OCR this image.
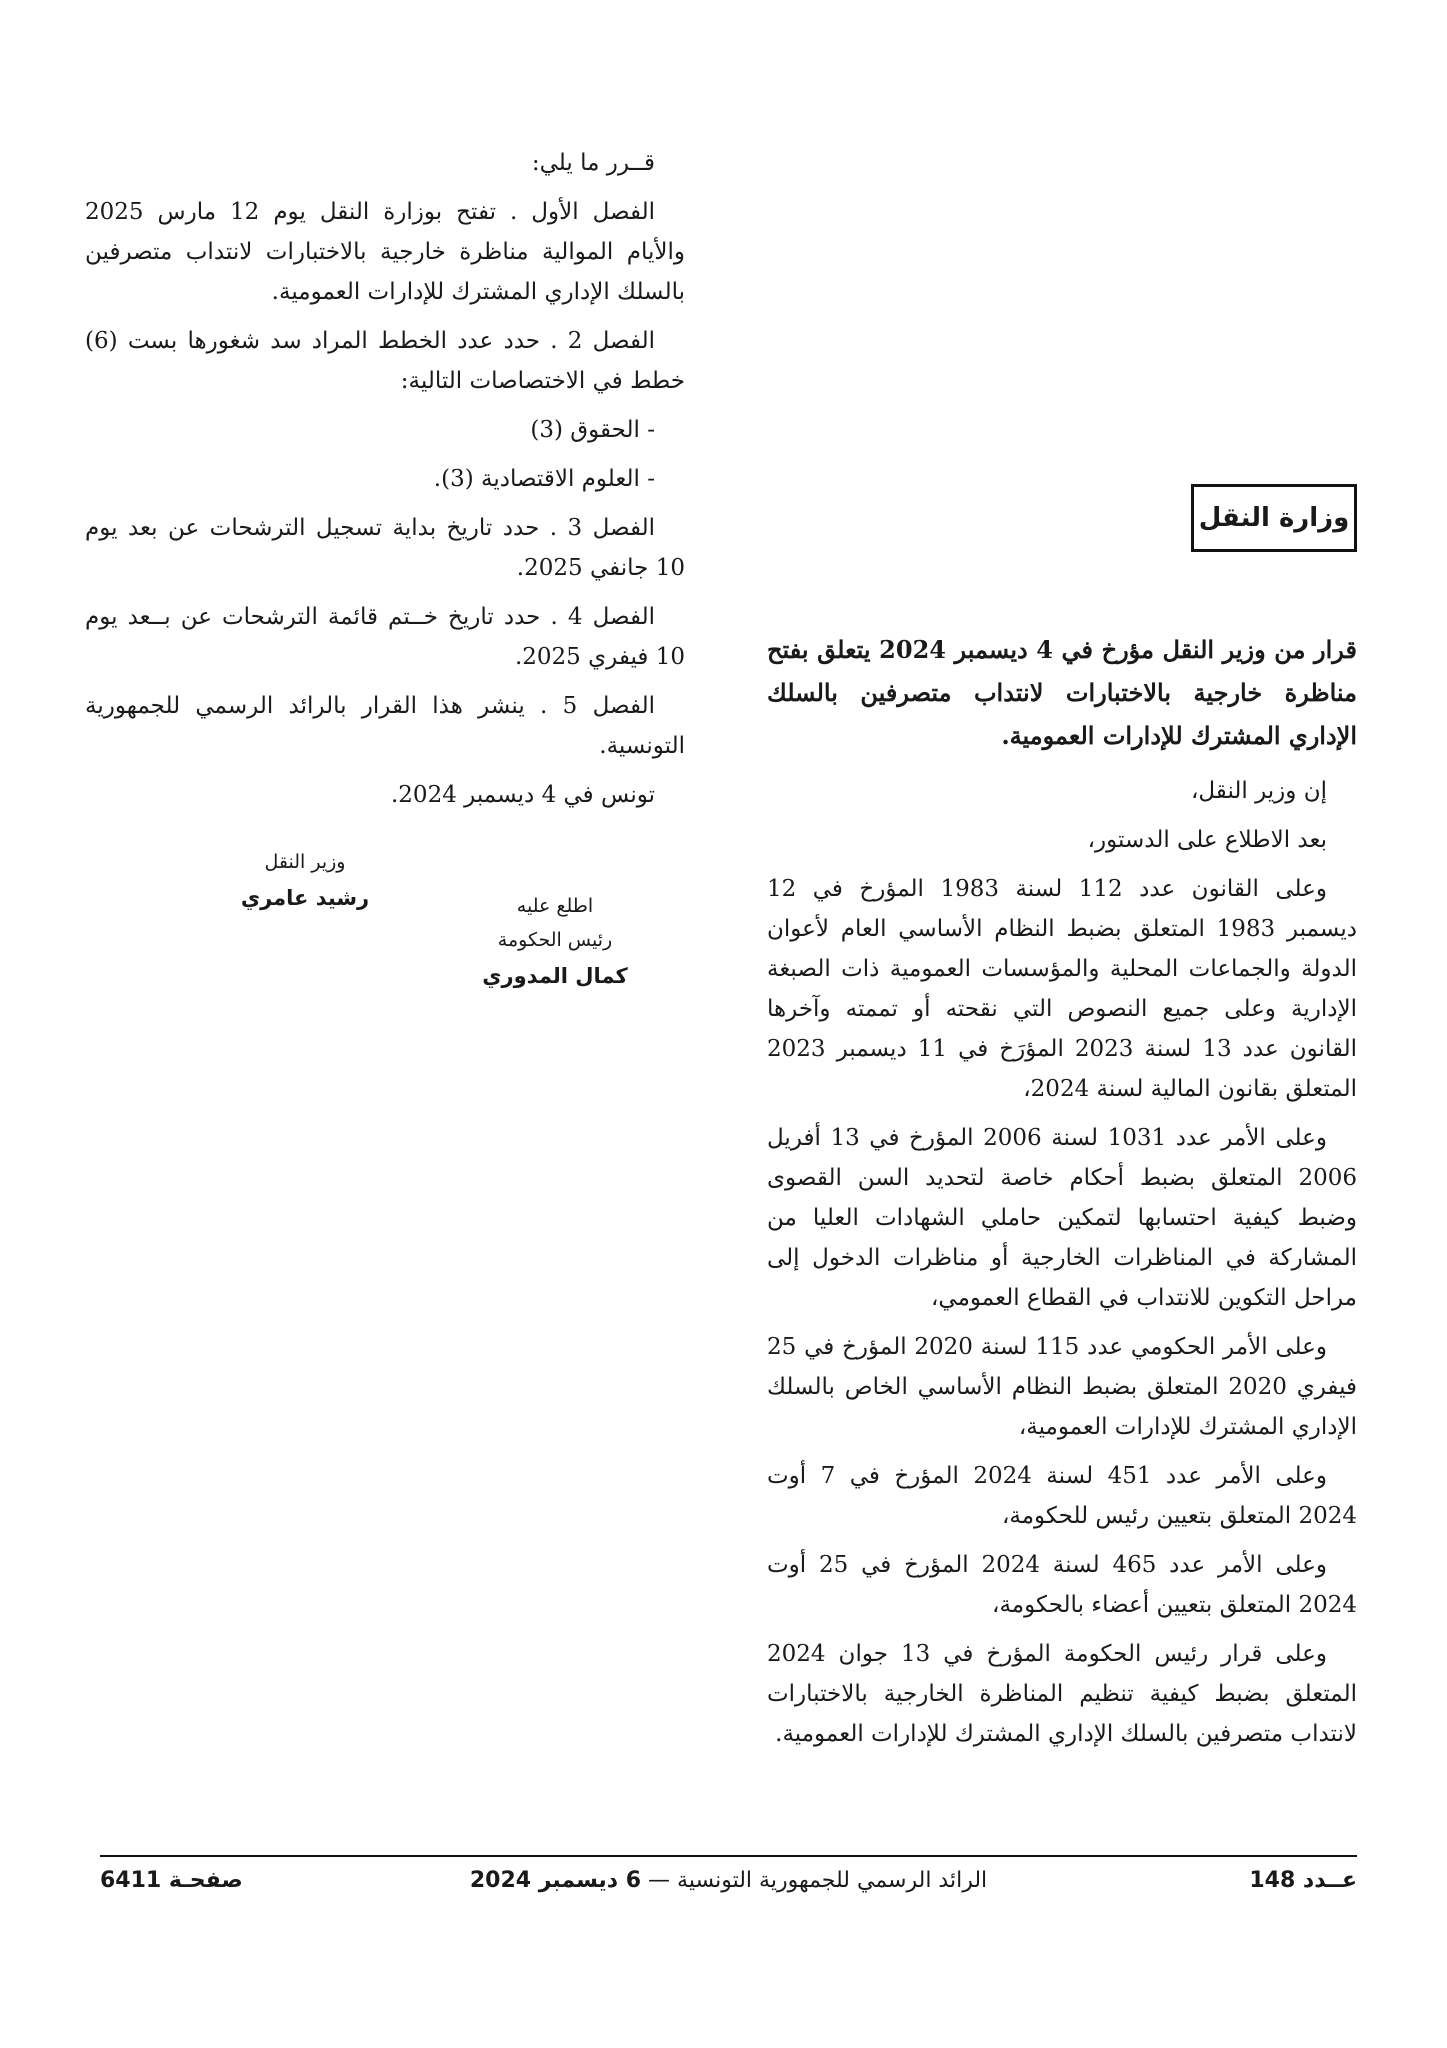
وزارة النقل

قرار من وزير النقل مؤرخ في 4 ديسمبر 2024 يتعلق بفتح مناظرة خارجية بالاختبارات لانتداب متصرفين بالسلك الإداري المشترك للإدارات العمومية.

إن وزير النقل،

بعد الاطلاع على الدستور،

وعلى القانون عدد 112 لسنة 1983 المؤرخ في 12 ديسمبر 1983 المتعلق بضبط النظام الأساسي العام لأعوان الدولة والجماعات المحلية والمؤسسات العمومية ذات الصبغة الإدارية وعلى جميع النصوص التي نقحته أو تممته وآخرها القانون عدد 13 لسنة 2023 المؤرَخ في 11 ديسمبر 2023 المتعلق بقانون المالية لسنة 2024،

وعلى الأمر عدد 1031 لسنة 2006 المؤرخ في 13 أفريل 2006 المتعلق بضبط أحكام خاصة لتحديد السن القصوى وضبط كيفية احتسابها لتمكين حاملي الشهادات العليا من المشاركة في المناظرات الخارجية أو مناظرات الدخول إلى مراحل التكوين للانتداب في القطاع العمومي،

وعلى الأمر الحكومي عدد 115 لسنة 2020 المؤرخ في 25 فيفري 2020 المتعلق بضبط النظام الأساسي الخاص بالسلك الإداري المشترك للإدارات العمومية،

وعلى الأمر عدد 451 لسنة 2024 المؤرخ في 7 أوت 2024 المتعلق بتعيين رئيس للحكومة،

وعلى الأمر عدد 465 لسنة 2024 المؤرخ في 25 أوت 2024 المتعلق بتعيين أعضاء بالحكومة،

وعلى قرار رئيس الحكومة المؤرخ في 13 جوان 2024 المتعلق بضبط كيفية تنظيم المناظرة الخارجية بالاختبارات لانتداب متصرفين بالسلك الإداري المشترك للإدارات العمومية.

قــرر ما يلي:

الفصل الأول . تفتح بوزارة النقل يوم 12 مارس 2025 والأيام الموالية مناظرة خارجية بالاختبارات لانتداب متصرفين بالسلك الإداري المشترك للإدارات العمومية.

الفصل 2 . حدد عدد الخطط المراد سد شغورها بست (6) خطط في الاختصاصات التالية:

- الحقوق (3)

- العلوم الاقتصادية (3).

الفصل 3 . حدد تاريخ بداية تسجيل الترشحات عن بعد يوم 10 جانفي 2025.

الفصل 4 . حدد تاريخ خــتم قائمة الترشحات عن بــعد يوم 10 فيفري 2025.

الفصل 5 . ينشر هذا القرار بالرائد الرسمي للجمهورية التونسية.

تونس في 4 ديسمبر 2024.

وزير النقل
رشيد عامري	اطلع عليه
رئيس الحكومة
كمال المدوري
عــدد 148
الرائد الرسمي للجمهورية التونسية — 6 ديسمبر 2024
صفحـة 6411
